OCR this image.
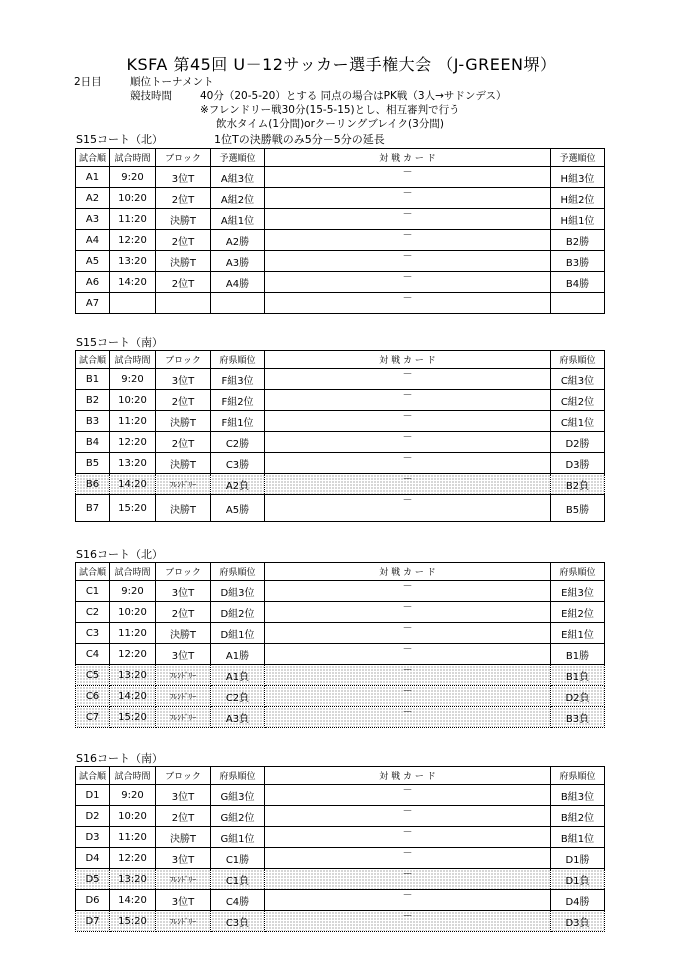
KSFA 第45回 U－12サッカー選手権大会 （J-GREEN堺）
2日目	順位トーナメント
競技時間	40分（20-5-20）とする 同点の場合はPK戦（3人→サドンデス）
※フレンドリー戦30分(15-5-15)とし、相互審判で行う
飲水タイム(1分間)orクーリングブレイク(3分間)
S15コート（北）	1位Tの決勝戦のみ5分－5分の延長
S15コート（南）
S16コート（北）
S16コート（南）
試合順	試合時間	ブロック	予選順位	対 戦 カ ー ド	予選順位
A1	9:20	3位T	A組3位	－	H組3位
A2	10:20	2位T	A組2位	－	H組2位
A3	11:20	決勝T	A組1位	－	H組1位
A4	12:20	2位T	A2勝	－	B2勝
A5	13:20	決勝T	A3勝	－	B3勝
A6	14:20	2位T	A4勝	－	B4勝
A7				－	
試合順	試合時間	ブロック	府県順位	対 戦 カ ー ド	府県順位
B1	9:20	3位T	F組3位	－	C組3位
B2	10:20	2位T	F組2位	－	C組2位
B3	11:20	決勝T	F組1位	－	C組1位
B4	12:20	2位T	C2勝	－	D2勝
B5	13:20	決勝T	C3勝	－	D3勝
B6	14:20	ﾌﾚﾝﾄﾞﾘｰ	A2負	－	B2負
B7	15:20	決勝T	A5勝	－	B5勝
試合順	試合時間	ブロック	府県順位	対 戦 カ ー ド	府県順位
C1	9:20	3位T	D組3位	－	E組3位
C2	10:20	2位T	D組2位	－	E組2位
C3	11:20	決勝T	D組1位	－	E組1位
C4	12:20	3位T	A1勝	－	B1勝
C5	13:20	ﾌﾚﾝﾄﾞﾘｰ	A1負	－	B1負
C6	14:20	ﾌﾚﾝﾄﾞﾘｰ	C2負	－	D2負
C7	15:20	ﾌﾚﾝﾄﾞﾘｰ	A3負	－	B3負
試合順	試合時間	ブロック	府県順位	対 戦 カ ー ド	府県順位
D1	9:20	3位T	G組3位	－	B組3位
D2	10:20	2位T	G組2位	－	B組2位
D3	11:20	決勝T	G組1位	－	B組1位
D4	12:20	3位T	C1勝	－	D1勝
D5	13:20	ﾌﾚﾝﾄﾞﾘｰ	C1負	－	D1負
D6	14:20	3位T	C4勝	－	D4勝
D7	15:20	ﾌﾚﾝﾄﾞﾘｰ	C3負	－	D3負
